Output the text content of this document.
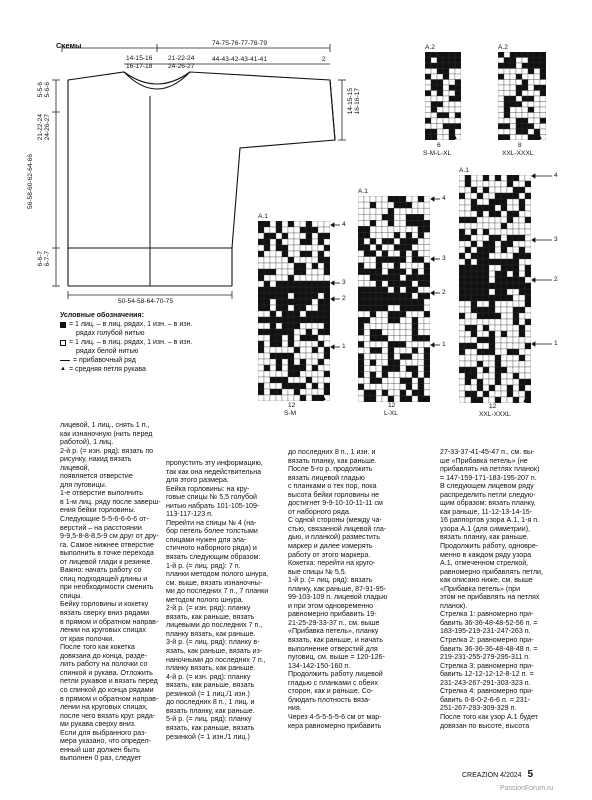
Схемы	74-75-76-77-78-79
14-15-16
16-17-18
21-22-24
24-26-27
44-43-42-43-41-41	2
5-5-6
5-6-6
21-22-24
24-26-27
56-58-60-62-64-66
6-6-7
6-7-7
14-15-15
16-16-17
50-54-58-64-70-75
Условные обозначения:
= 1 лиц. – в лиц. рядах, 1 изн. – в изн.
рядах голубой нитью
= 1 лиц. – в лиц. рядах, 1 изн. – в изн.
рядах белой нитью
= прибавочный ряд
▲ = средняя петля рукава
A.2
▲
6
S-M-L-XL
A.2
▲
8
XXL-XXXL
A.1
▲
12
S-M
A.1
▲
12
L-XL
A.1
▲
12
XXL-XXXL
4
3
2
1
4
3
2
1
4
3
2
1

лицевой, 1 лиц., снять 1 п.,

как изнаночную (нить перед

работой), 1 лиц.

2-й р. (= изн. ряд): вязать по

рисунку, накид вязать лицевой,

появляется отверстие

для пуговицы.

1-е отверстие выполнить

в 1-м лиц. ряду после заверш-

ения бейки горловины.

Следующие 5-5-6-6-6-6 от-

верстий – на расстоянии

9-9,5-8-8-8,5-9 см друг от дру-

га. Самое нижнее отверстие

выполнить в точке перехода

от лицевой глади к резинке.

Важно: начать работу со

спиц подходящей длины и

при необходимости сменить

спицы.

Бейку горловины и кокетку

вязать сверху вниз рядами

в прямом и обратном направ-

лении на круговых спицах

от края полочки.

После того как кокетка

довязана до конца, разде-

лить работу на полочки со

спинкой и рукава. Отложить

петли рукавов и вязать перед

со спинкой до конца рядами

в прямом и обратном направ-

лении на круговых спицах,

после чего вязать круг. ряда-

ми рукава сверху вниз.

Если для выбранного раз-

мера указано, что определ-

енный шаг должен быть

выполнен 0 раз, следует

пропустить эту информацию,

так как она недействительна

для этого размера.

Бейка горловины: на кру-

говые спицы № 5,5 голубой

нитью набрать 101-105-109-

113-117-123 п.

Перейти на спицы № 4 (на-

бор петель более толстыми

спицами нужен для эла-

стичного наборного ряда) и

вязать следующим образом:

1-й р. (= лиц. ряд): 7 п.

планки методом полого шнура,

см. выше, вязать изнаночны-

ми до последних 7 п., 7 планки

методом полого шнура.

2-й р. (= изн. ряд): планку

вязать, как раньше, вязать

лицевыми до последних 7 п.,

планку вязать, как раньше.

3-й р. (= лиц. ряд): планку в-

язать, как раньше, вязать из-

наночными до последних 7 п.,

планку вязать, как раньше.

4-й р. (= изн. ряд): планку

вязать, как раньше, вязать

резинкой (= 1 лиц./1 изн.)

до последних 8 п., 1 лиц. и

вязать планку, как раньше.

5-й р. (= лиц. ряд): планку

вязать, как раньше, вязать

резинкой (= 1 изн./1 лиц.)

до последних 8 п., 1 изн. и

вязать планку, как раньше.

После 5-го р. продолжить

вязать лицевой гладью

с планками о тех пор, пока

высота бейки горловины не

достигнет 9-9-10-10-11-11 см

от наборного ряда.

С одной стороны (между ча-

стью, связанной лицевой гла-

дью, и планкой) разместить

маркер и далее измерять

работу от этого маркера.

Кокетка: перейти на круго-

вые спицы № 5,5.

1-й р. (= лиц. ряд): вязать

планку, как раньше, 87-91-95-

99-103-109 п. лицевой гладью

и при этом одновременно

равномерно прибавить 19-

21-25-29-33-37 п., см. выше

«Прибавка петель», планку

вязать, как раньше, и начать

выполнение отверстий для

пуговиц, см. выше = 120-126-

134-142-150-160 п.

Продолжить работу лицевой

гладью с планками с обеих

сторон, как и раньше. Со-

блюдать плотность вяза-

ния.

Через 4-5-5-5-5-6 см от мар-

кера равномерно прибавить

27-33-37-41-45-47 п., см. вы-

ше «Прибавка петель» (не

прибавлять на петлях планок)

= 147-159-171-183-195-207 п.

В следующем лицевом ряду

распределить петли следую-

щим образом: вязать планку,

как раньше, 11-12-13-14-15-

16 раппортов узора А.1, 1-я п.

узора А.1 (для симметрии),

вязать планку, как раньше.

Продолжить работу, одновре-

менно в каждом ряду узора

А.1, отмеченном стрелкой,

равномерно прибавлять петли,

как описано ниже, см. выше

«Прибавка петель» (при

этом не прибавлять на петлях

планок).

Стрелка 1: равномерно при-

бавить 36-36-48-48-52-56 п. =

183-195-219-231-247-263 п.

Стрелка 2: равномерно при-

бавить 36-36-36-48-48-48 п. =

219-231-255-279-295-311 п.

Стрелка 3: равномерно при-

бавить 12-12-12-12-8-12 п. =

231-243-267-291-303-323 п.

Стрелка 4: равномерно при-

бавить 0-8-0-2-6-6 п. = 231-

251-267-293-309-329 п.

После того как узор А.1 будет

довязан по высоте, высота

CREAZION 4/2024 5
PassionForum.ru
